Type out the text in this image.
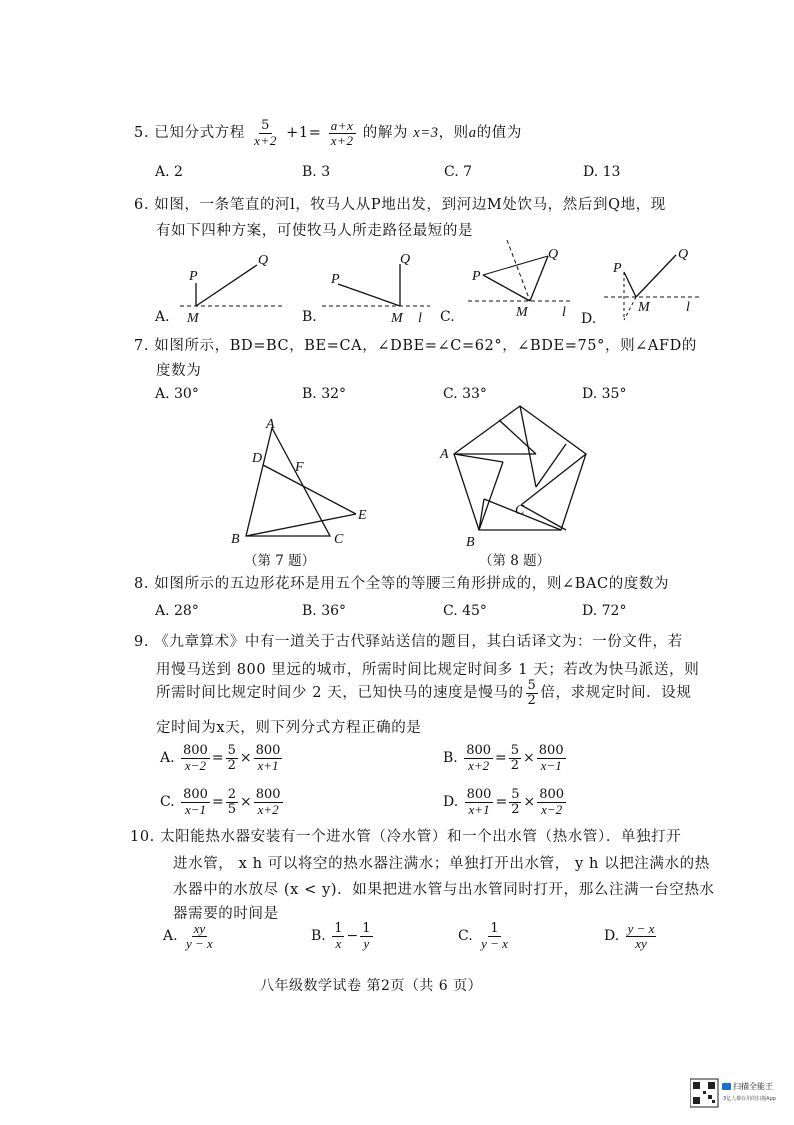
5. 已知分式方程 $\frac{5}{x+2} +1= \frac{a+x}{x+2}$ 的解为 x=3，则a的值为
A. 2	B. 3	C. 7	D. 13
6. 如图，一条笔直的河l，牧马人从P地出发，到河边M处饮马，然后到Q地，现
有如下四种方案，可使牧马人所走路径最短的是
A.	B.	C.	D.
P
Q
M
P
Q
M l
P
Q
M l
P
Q
M	l
A
D
F
E
B	C
A
B
C
7. 如图所示，BD=BC，BE=CA，∠DBE=∠C=62°，∠BDE=75°，则∠AFD的
度数为
A. 30°	B. 32°	C. 33°	D. 35°
（第 7 题）	（第 8 题）
8. 如图所示的五边形花环是用五个全等的等腰三角形拼成的，则∠BAC的度数为
A. 28°	B. 36°	C. 45°	D. 72°
9. 《九章算术》中有一道关于古代驿站送信的题目，其白话译文为：一份文件，若
用慢马送到 800 里远的城市，所需时间比规定时间多 1 天；若改为快马派送，则
所需时间比规定时间少 2 天，已知快马的速度是慢马的 $\frac{5}{2}$ 倍，求规定时间．设规
定时间为x天，则下列分式方程正确的是
A. $\frac{800}{x-2} = \frac{5}{2} \times \frac{800}{x+1}$	B. $\frac{800}{x+2} = \frac{5}{2} \times \frac{800}{x-1}$
C. $\frac{800}{x-1} = \frac{2}{5} \times \frac{800}{x+2}$	D. $\frac{800}{x+1} = \frac{5}{2} \times \frac{800}{x-2}$
10. 太阳能热水器安装有一个进水管（冷水管）和一个出水管（热水管）．单独打开
进水管， x h 可以将空的热水器注满水；单独打开出水管， y h 以把注满水的热
水器中的水放尽 (x < y)．如果把进水管与出水管同时打开，那么注满一台空热水
器需要的时间是
A. $\frac{xy}{y - x}$	B. $\frac{1}{x} - \frac{1}{y}$	C. $\frac{1}{y - x}$	D. $\frac{y - x}{xy}$
八年级数学试卷 第2页（共 6 页）
扫描全能王
3亿人都在用的扫描App
